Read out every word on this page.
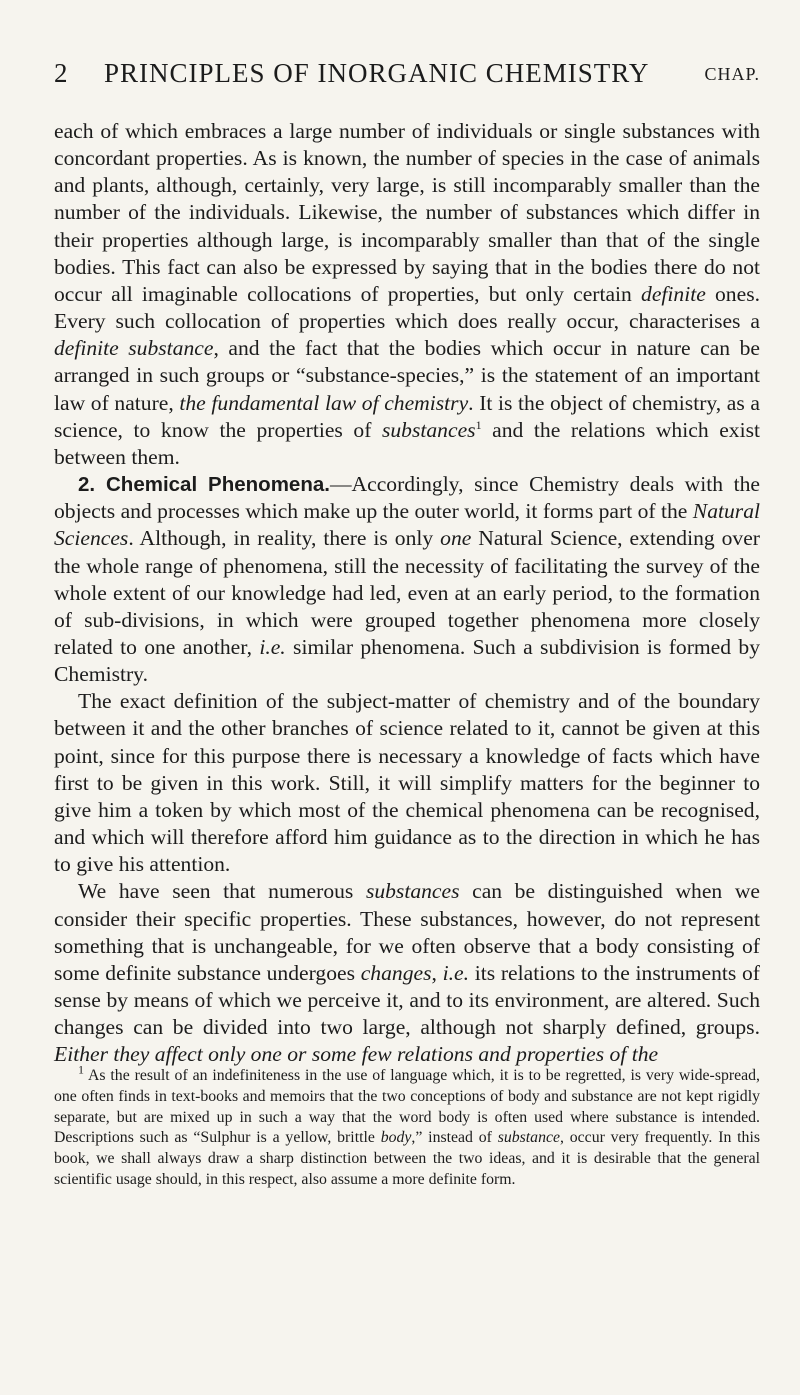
2 PRINCIPLES OF INORGANIC CHEMISTRY	CHAP.

each of which embraces a large number of individuals or single substances with concordant properties. As is known, the number of species in the case of animals and plants, although, certainly, very large, is still incomparably smaller than the number of the individuals. Likewise, the number of substances which differ in their properties although large, is incomparably smaller than that of the single bodies. This fact can also be expressed by saying that in the bodies there do not occur all imaginable collocations of properties, but only certain definite ones. Every such collocation of properties which does really occur, characterises a definite substance, and the fact that the bodies which occur in nature can be arranged in such groups or “substance-species,” is the statement of an important law of nature, the fundamental law of chemistry. It is the object of chemistry, as a science, to know the properties of substances$^1$ and the relations which exist between them.

2. Chemical Phenomena.—Accordingly, since Chemistry deals with the objects and processes which make up the outer world, it forms part of the Natural Sciences. Although, in reality, there is only one Natural Science, extending over the whole range of phenomena, still the necessity of facilitating the survey of the whole extent of our knowledge had led, even at an early period, to the formation of sub-divisions, in which were grouped together phenomena more closely related to one another, i.e. similar phenomena. Such a subdivision is formed by Chemistry.

The exact definition of the subject-matter of chemistry and of the boundary between it and the other branches of science related to it, cannot be given at this point, since for this purpose there is necessary a knowledge of facts which have first to be given in this work. Still, it will simplify matters for the beginner to give him a token by which most of the chemical phenomena can be recognised, and which will therefore afford him guidance as to the direction in which he has to give his attention.

We have seen that numerous substances can be distinguished when we consider their specific properties. These substances, however, do not represent something that is unchangeable, for we often observe that a body consisting of some definite substance undergoes changes, i.e. its relations to the instruments of sense by means of which we perceive it, and to its environment, are altered. Such changes can be divided into two large, although not sharply defined, groups. Either they affect only one or some few relations and properties of the

$^1$ As the result of an indefiniteness in the use of language which, it is to be regretted, is very wide-spread, one often finds in text-books and memoirs that the two conceptions of body and substance are not kept rigidly separate, but are mixed up in such a way that the word body is often used where substance is intended. Descriptions such as “Sulphur is a yellow, brittle body,” instead of substance, occur very frequently. In this book, we shall always draw a sharp distinction between the two ideas, and it is desirable that the general scientific usage should, in this respect, also assume a more definite form.
